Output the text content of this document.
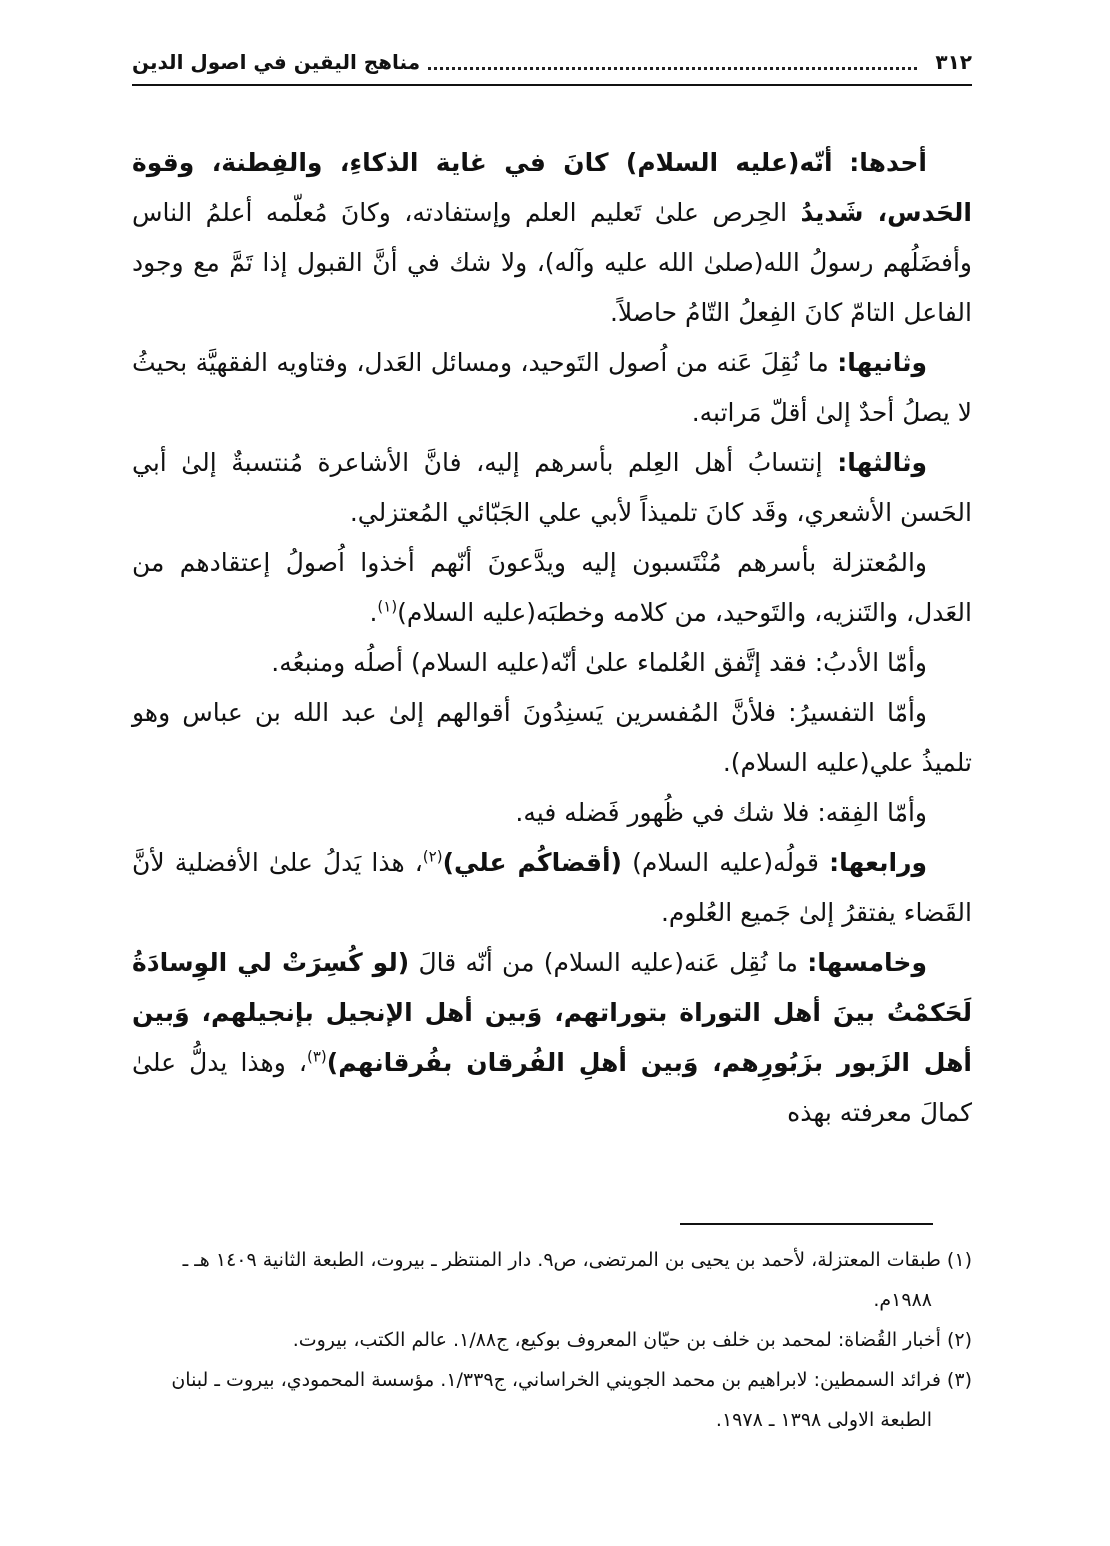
٣١٢
مناهج اليقين في اصول الدين

أحدها: أنّه(عليه السلام) كانَ في غاية الذكاءِ، والفِطنة، وقوة الحَدس، شَديدُ الحِرص علىٰ تَعليم العلم وإستفادته، وكانَ مُعلّمه أعلمُ الناس وأفضَلُهم رسولُ الله(صلىٰ الله عليه وآله)، ولا شك في أنَّ القبول إذا تَمَّ مع وجود الفاعل التامّ كانَ الفِعلُ التّامُ حاصلاً.

وثانيها: ما نُقِلَ عَنه من اُصول التَوحيد، ومسائل العَدل، وفتاويه الفقهيَّة بحيثُ لا يصلُ أحدٌ إلىٰ أقلّ مَراتبه.

وثالثها: إنتسابُ أهل العِلم بأسرهم إليه، فانَّ الأشاعرة مُنتسبةٌ إلىٰ أبي الحَسن الأشعري، وقَد كانَ تلميذاً لأبي علي الجَبّائي المُعتزلي.

والمُعتزلة بأسرهم مُنْتَسبون إليه ويدَّعونَ أنّهم أخذوا اُصولُ إعتقادهم من العَدل، والتَنزيه، والتَوحيد، من كلامه وخطبَه(عليه السلام)$^{(١)}$.

وأمّا الأدبُ: فقد إتَّفق العُلماء علىٰ أنّه(عليه السلام) أصلُه ومنبعُه.

وأمّا التفسيرُ: فلأنَّ المُفسرين يَسنِدُونَ أقوالهم إلىٰ عبد الله بن عباس وهو تلميذُ علي(عليه السلام).

وأمّا الفِقه: فلا شك في ظُهور فَضله فيه.

ورابعها: قولُه(عليه السلام) (أقضاكُم علي)$^{(٢)}$، هذا يَدلُ علىٰ الأفضلية لأنَّ القَضاء يفتقرُ إلىٰ جَميع العُلوم.

وخامسها: ما نُقِل عَنه(عليه السلام) من أنّه قالَ (لو كُسِرَتْ لي الوِسادَةُ لَحَكمْتُ بينَ أهل التوراة بتوراتهم، وَبين أهل الإنجيل بإنجيلهم، وَبين أهل الزَبور بزَبُورِهم، وَبين أهلِ الفُرقان بفُرقانهم)$^{(٣)}$، وهذا يدلُّ علىٰ كمالَ معرفته بهذه

(١) طبقات المعتزلة، لأحمد بن يحيى بن المرتضى، ص٩. دار المنتظر ـ بيروت، الطبعة الثانية ١٤٠٩ هـ ـ

١٩٨٨م.

(٢) أخبار القُضاة: لمحمد بن خلف بن حيّان المعروف بوكيع، ج١/٨٨. عالم الكتب، بيروت.

(٣) فرائد السمطين: لابراهيم بن محمد الجويني الخراساني، ج١/٣٣٩. مؤسسة المحمودي، بيروت ـ لبنان

الطبعة الاولى ١٣٩٨ ـ ١٩٧٨.
